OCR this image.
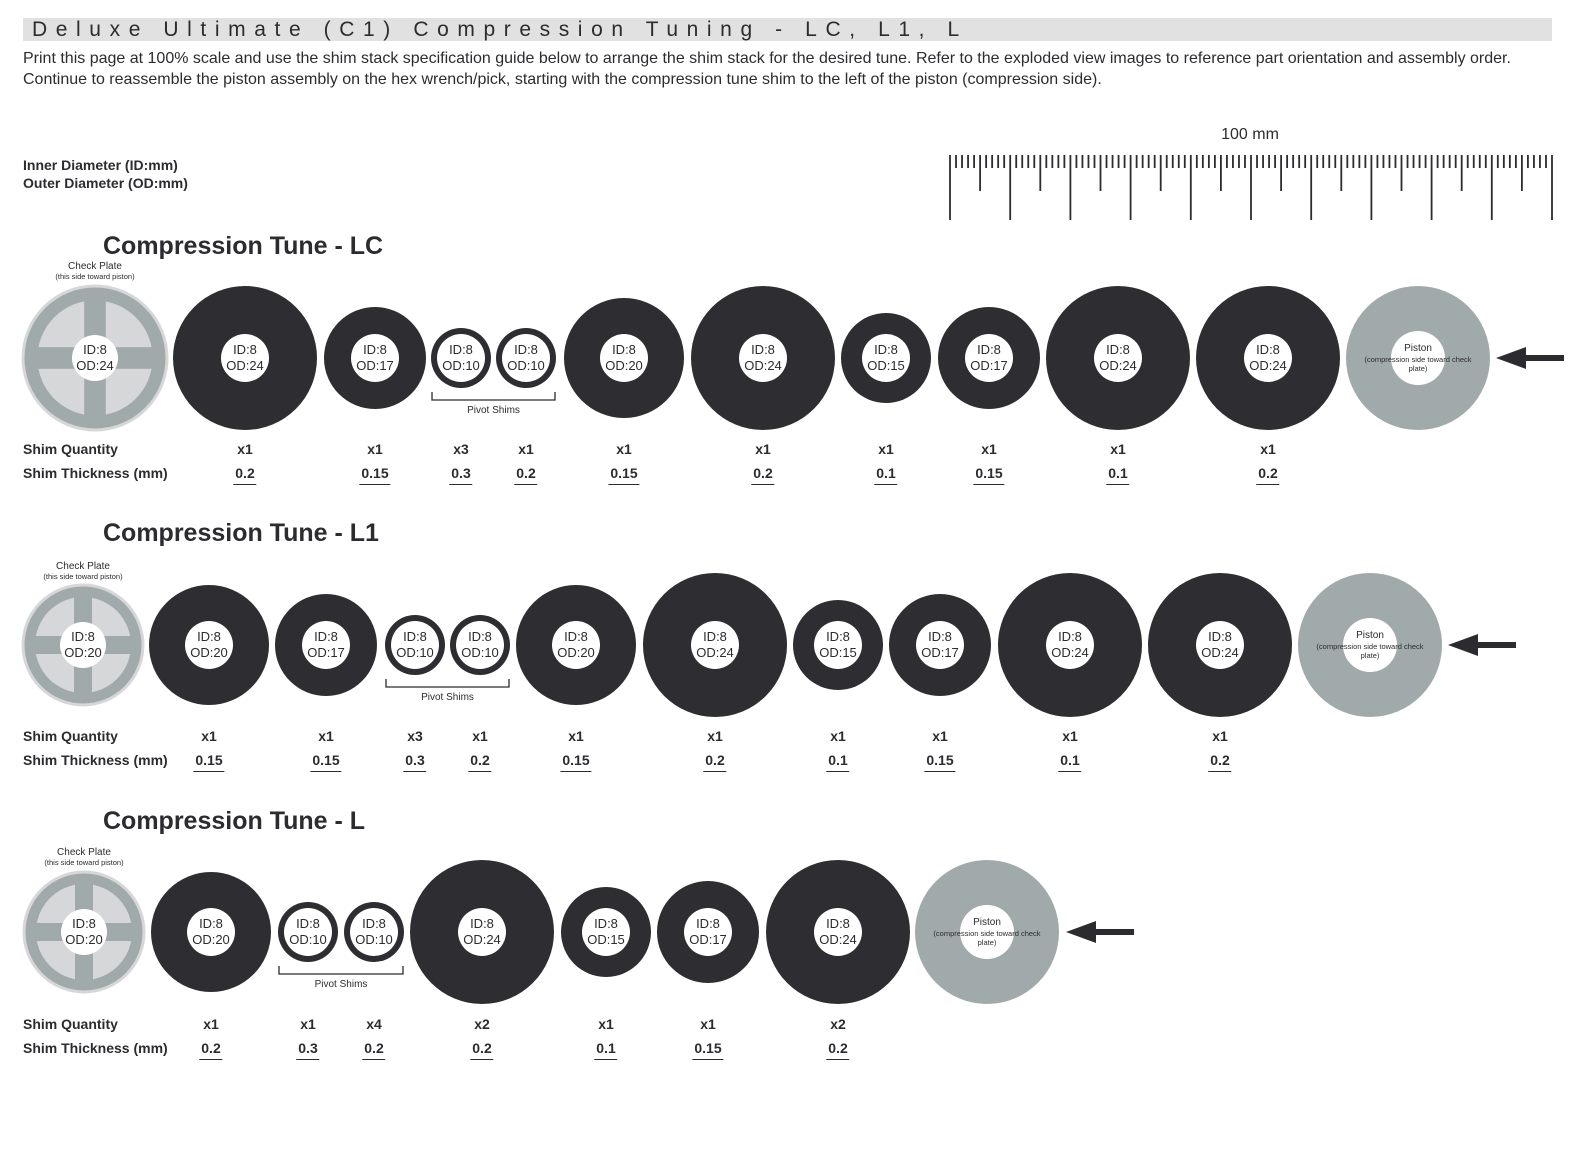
Deluxe Ultimate (C1) Compression Tuning - LC, L1, L
Print this page at 100% scale and use the shim stack specification guide below to arrange the shim stack for the desired tune. Refer to the exploded view images to reference part orientation and assembly order. Continue to reassemble the piston assembly on the hex wrench/pick, starting with the compression tune shim to the left of the piston (compression side).
Inner Diameter (ID:mm)
Outer Diameter (OD:mm)
100 mm
Compression Tune - LC
Check Plate
(this side toward piston)
ID:8
OD:24
ID:8
OD:24
x1
0.2
ID:8
OD:17
x1
0.15
ID:8
OD:10
x3
0.3
ID:8
OD:10
x1
0.2
ID:8
OD:20
x1
0.15
ID:8
OD:24
x1
0.2
ID:8
OD:15
x1
0.1
ID:8
OD:17
x1
0.15
ID:8
OD:24
x1
0.1
ID:8
OD:24
x1
0.2
Pivot Shims
Piston
(compression side toward check plate)
Shim Quantity
Shim Thickness (mm)
Compression Tune - L1
Check Plate
(this side toward piston)
ID:8
OD:20
ID:8
OD:20
x1
0.15
ID:8
OD:17
x1
0.15
ID:8
OD:10
x3
0.3
ID:8
OD:10
x1
0.2
ID:8
OD:20
x1
0.15
ID:8
OD:24
x1
0.2
ID:8
OD:15
x1
0.1
ID:8
OD:17
x1
0.15
ID:8
OD:24
x1
0.1
ID:8
OD:24
x1
0.2
Pivot Shims
Piston
(compression side toward check plate)
Shim Quantity
Shim Thickness (mm)
Compression Tune - L
Check Plate
(this side toward piston)
ID:8
OD:20
ID:8
OD:20
x1
0.2
ID:8
OD:10
x1
0.3
ID:8
OD:10
x4
0.2
ID:8
OD:24
x2
0.2
ID:8
OD:15
x1
0.1
ID:8
OD:17
x1
0.15
ID:8
OD:24
x2
0.2
Pivot Shims
Piston
(compression side toward check plate)
Shim Quantity
Shim Thickness (mm)
